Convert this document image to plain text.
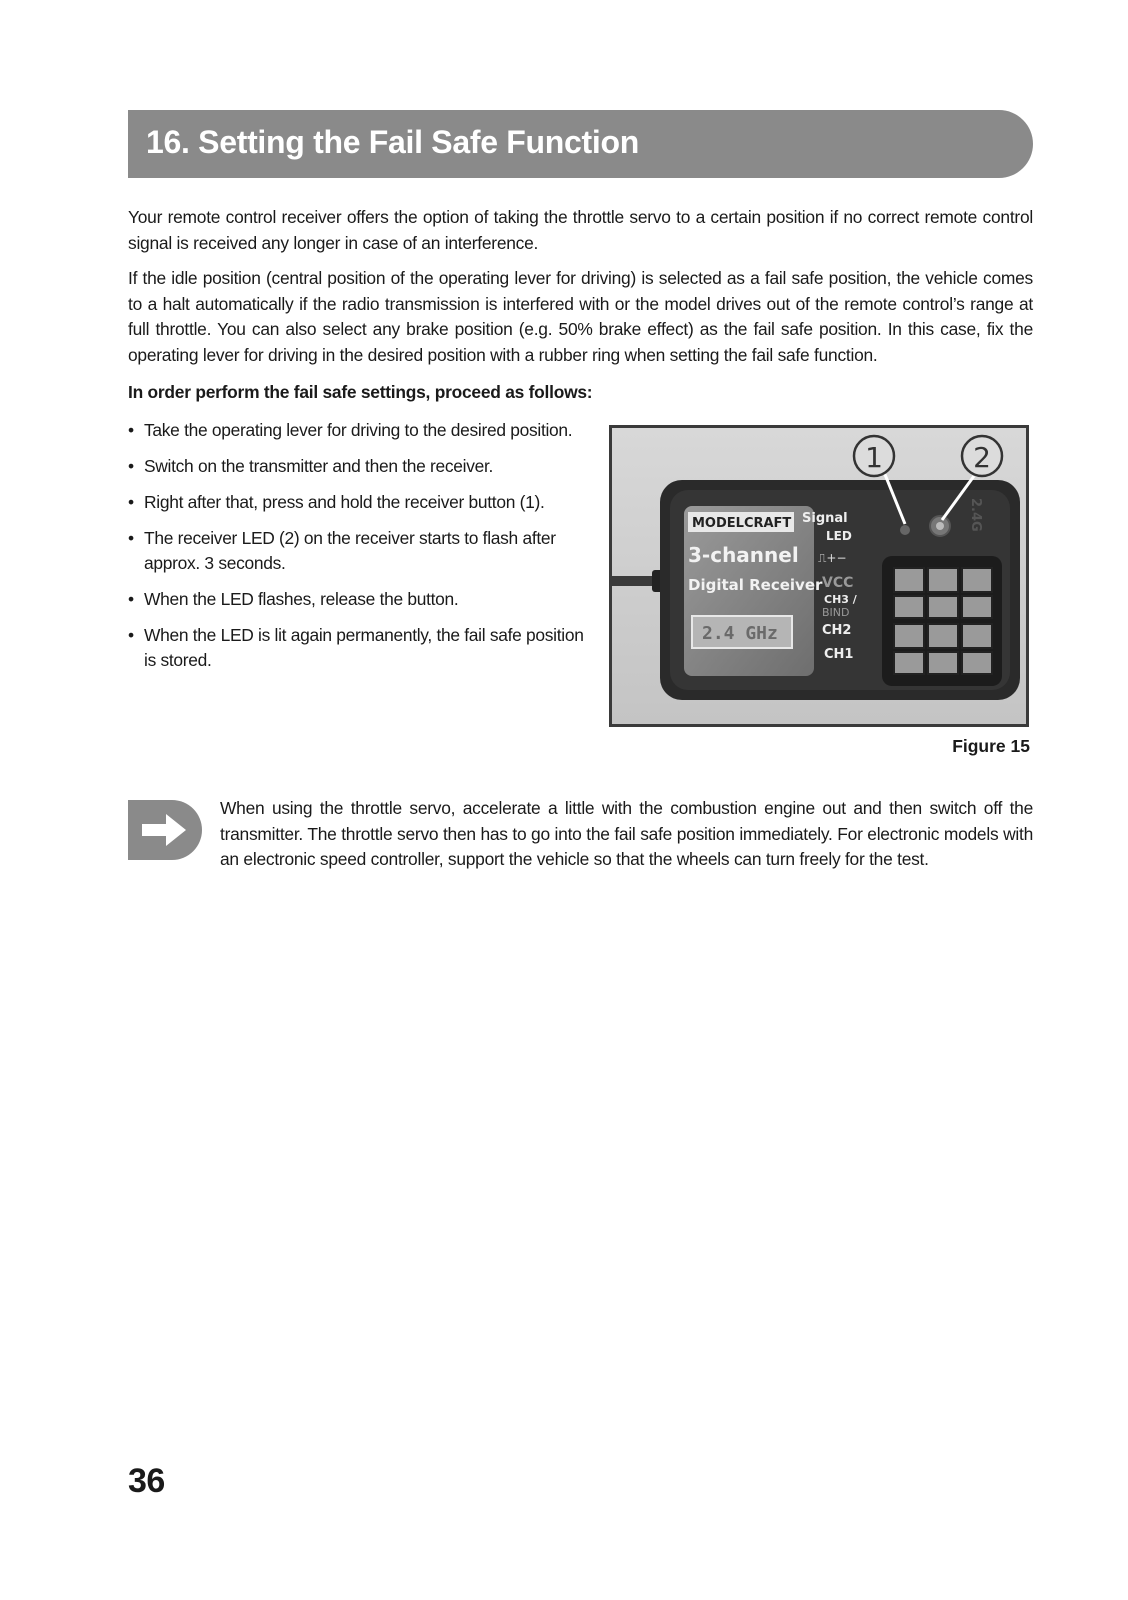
16. Setting the Fail Safe Function

Your remote control receiver offers the option of taking the throttle servo to a certain position if no correct remote control signal is received any longer in case of an interference.

If the idle position (central position of the operating lever for driving) is selected as a fail safe position, the vehicle comes to a halt automatically if the radio transmission is interfered with or the model drives out of the remote control’s range at full throttle. You can also select any brake position (e.g. 50% brake effect) as the fail safe position. In this case, fix the operating lever for driving in the desired position with a rubber ring when setting the fail safe function.

In order perform the fail safe settings, proceed as follows:

• Take the operating lever for driving to the desired position.
• Switch on the transmitter and then the receiver.
• Right after that, press and hold the receiver button (1).
• The receiver LED (2) on the receiver starts to flash after approx. 3 seconds.
• When the LED flashes, release the button.
• When the LED is lit again permanently, the fail safe position is stored.
MODELCRAFT
3-channel
Digital Receiver
2.4 GHz
Signal
LED
⎍+−
VCC
CH3 /
BIND
CH2
CH1
2.4G
1	2
Figure 15

When using the throttle servo, accelerate a little with the combustion engine out and then switch off the transmitter. The throttle servo then has to go into the fail safe position immediately. For electronic models with an electronic speed controller, support the vehicle so that the wheels can turn freely for the test.

36
